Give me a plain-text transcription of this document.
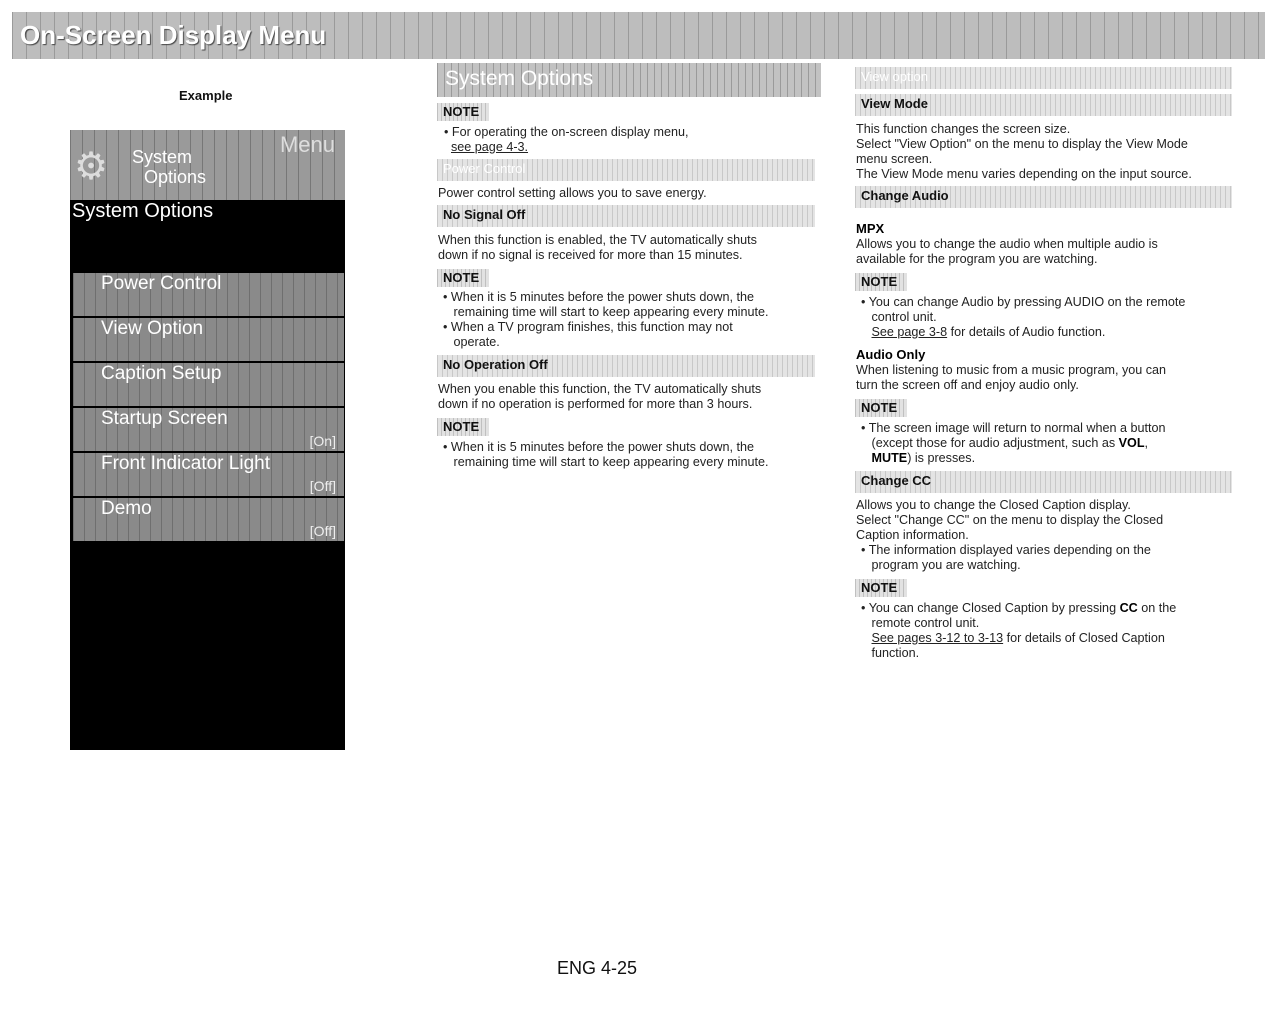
On-Screen Display Menu
Example
Menu
⚙ System
Options
System Options
Power Control
View Option
Caption Setup
Startup Screen
[On]
Front Indicator Light
[Off]
Demo
[Off]
System Options
NOTE
• For operating the on-screen display menu,
see page 4-3.
Power Control
Power control setting allows you to save energy.
No Signal Off
When this function is enabled, the TV automatically shuts
down if no signal is received for more than 15 minutes.
NOTE
• When it is 5 minutes before the power shuts down, the
remaining time will start to keep appearing every minute.
• When a TV program finishes, this function may not
operate.
No Operation Off
When you enable this function, the TV automatically shuts
down if no operation is performed for more than 3 hours.
NOTE
• When it is 5 minutes before the power shuts down, the
remaining time will start to keep appearing every minute.
View option
View Mode
This function changes the screen size.
Select "View Option" on the menu to display the View Mode
menu screen.
The View Mode menu varies depending on the input source.
Change Audio
MPX
Allows you to change the audio when multiple audio is
available for the program you are watching.
NOTE
• You can change Audio by pressing AUDIO on the remote
control unit.
See page 3-8 for details of Audio function.
Audio Only
When listening to music from a music program, you can
turn the screen off and enjoy audio only.
NOTE
• The screen image will return to normal when a button
(except those for audio adjustment, such as VOL,
MUTE) is presses.
Change CC
Allows you to change the Closed Caption display.
Select "Change CC" on the menu to display the Closed
Caption information.
• The information displayed varies depending on the
program you are watching.
NOTE
• You can change Closed Caption by pressing CC on the
remote control unit.
See pages 3-12 to 3-13 for details of Closed Caption
function.
ENG 4-25
